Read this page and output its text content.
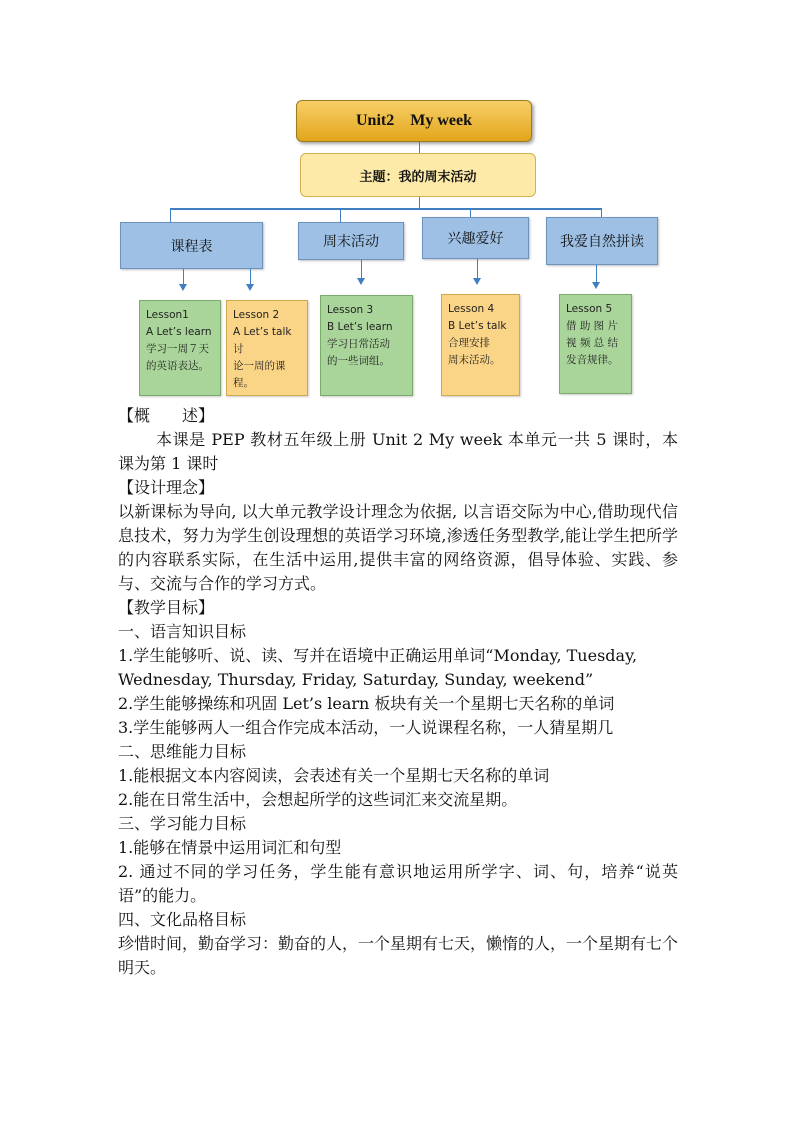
Unit2    My week
主题：我的周末活动
课程表	周末活动	兴趣爱好	我爱自然拼读
Lesson1
A Let’s learn
学习一周７天
的英语表达。
Lesson 2
A Let’s talk 讨
论一周的课
程。
Lesson 3
B Let’s learn
学习日常活动
的一些词组。
Lesson 4
B Let’s talk
合理安排
周末活动。
Lesson 5
借 助 图 片
视 频 总 结
发音规律。

【概　　述】

本课是 PEP 教材五年级上册 Unit 2 My week 本单元一共 5 课时，本课为第 1 课时

【设计理念】

以新课标为导向, 以大单元教学设计理念为依据, 以言语交际为中心,借助现代信息技术，努力为学生创设理想的英语学习环境,渗透任务型教学,能让学生把所学的内容联系实际，在生活中运用,提供丰富的网络资源，倡导体验、实践、参与、交流与合作的学习方式。

【教学目标】

一、语言知识目标

1.学生能够听、说、读、写并在语境中正确运用单词“Monday, Tuesday, Wednesday, Thursday, Friday, Saturday, Sunday, weekend”

2.学生能够操练和巩固 Let’s learn 板块有关一个星期七天名称的单词

3.学生能够两人一组合作完成本活动，一人说课程名称，一人猜星期几

二、思维能力目标

1.能根据文本内容阅读，会表述有关一个星期七天名称的单词

2.能在日常生活中，会想起所学的这些词汇来交流星期。

三、学习能力目标

1.能够在情景中运用词汇和句型

2. 通过不同的学习任务，学生能有意识地运用所学字、词、句，培养“说英语”的能力。

四、文化品格目标

珍惜时间，勤奋学习：勤奋的人，一个星期有七天，懒惰的人，一个星期有七个明天。
